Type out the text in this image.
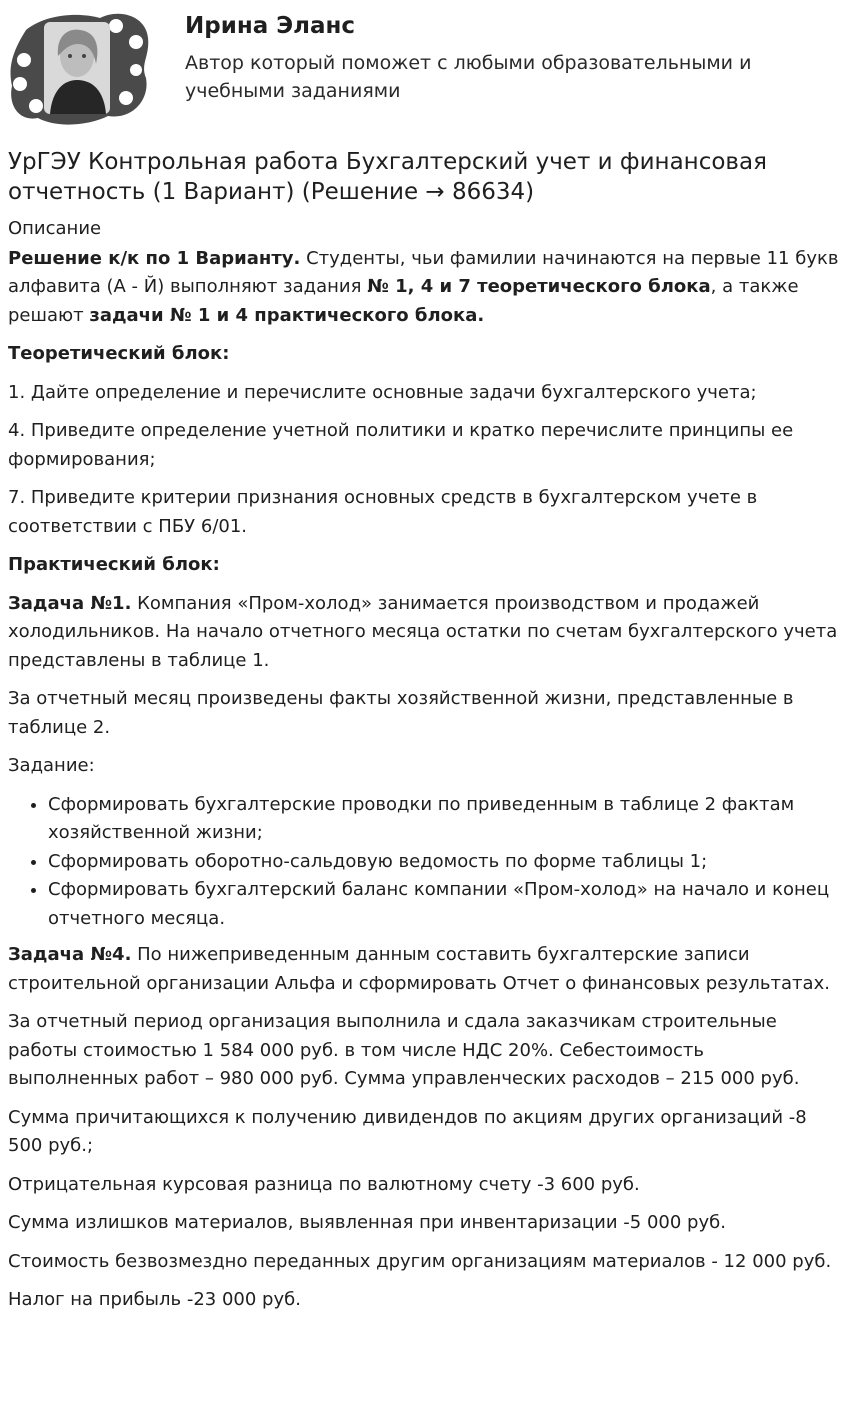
Ирина Эланс

Автор который поможет с любыми образовательными и учебными заданиями

УрГЭУ Контрольная работа Бухгалтерский учет и финансовая отчетность (1 Вариант) (Решение → 86634)

Описание

Решение к/к по 1 Варианту. Студенты, чьи фамилии начинаются на первые 11 букв алфавита (А - Й) выполняют задания № 1, 4 и 7 теоретического блока, а также решают задачи № 1 и 4 практического блока.

Теоретический блок:

1. Дайте определение и перечислите основные задачи бухгалтерского учета;

4. Приведите определение учетной политики и кратко перечислите принципы ее формирования;

7. Приведите критерии признания основных средств в бухгалтерском учете в соответствии с ПБУ 6/01.

Практический блок:

Задача №1. Компания «Пром-холод» занимается производством и продажей холодильников. На начало отчетного месяца остатки по счетам бухгалтерского учета представлены в таблице 1.

За отчетный месяц произведены факты хозяйственной жизни, представленные в таблице 2.

Задание:

• Сформировать бухгалтерские проводки по приведенным в таблице 2 фактам хозяйственной жизни;
• Сформировать оборотно-сальдовую ведомость по форме таблицы 1;
• Сформировать бухгалтерский баланс компании «Пром-холод» на начало и конец отчетного месяца.

Задача №4. По нижеприведенным данным составить бухгалтерские записи строительной организации Альфа и сформировать Отчет о финансовых результатах.

За отчетный период организация выполнила и сдала заказчикам строительные работы стоимостью 1 584 000 руб. в том числе НДС 20%. Себестоимость выполненных работ – 980 000 руб. Сумма управленческих расходов – 215 000 руб.

Сумма причитающихся к получению дивидендов по акциям других организаций -8 500 руб.;

Отрицательная курсовая разница по валютному счету -3 600 руб.

Сумма излишков материалов, выявленная при инвентаризации -5 000 руб.

Стоимость безвозмездно переданных другим организациям материалов - 12 000 руб.

Налог на прибыль -23 000 руб.
